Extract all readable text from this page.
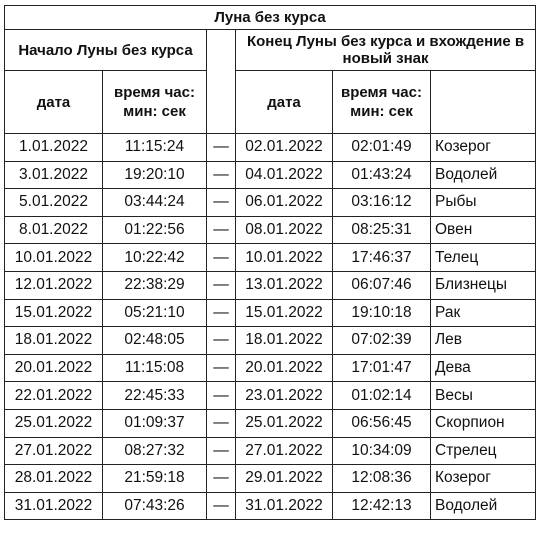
Луна без курса					
Начало Луны без курса			Конец Луны без курса и вхождение в новый знак		
дата	время час: мин: сек		дата	время час: мин: сек	
1.01.2022	11:15:24	—	02.01.2022	02:01:49	Козерог
3.01.2022	19:20:10	—	04.01.2022	01:43:24	Водолей
5.01.2022	03:44:24	—	06.01.2022	03:16:12	Рыбы
8.01.2022	01:22:56	—	08.01.2022	08:25:31	Овен
10.01.2022	10:22:42	—	10.01.2022	17:46:37	Телец
12.01.2022	22:38:29	—	13.01.2022	06:07:46	Близнецы
15.01.2022	05:21:10	—	15.01.2022	19:10:18	Рак
18.01.2022	02:48:05	—	18.01.2022	07:02:39	Лев
20.01.2022	11:15:08	—	20.01.2022	17:01:47	Дева
22.01.2022	22:45:33	—	23.01.2022	01:02:14	Весы
25.01.2022	01:09:37	—	25.01.2022	06:56:45	Скорпион
27.01.2022	08:27:32	—	27.01.2022	10:34:09	Стрелец
28.01.2022	21:59:18	—	29.01.2022	12:08:36	Козерог
31.01.2022	07:43:26	—	31.01.2022	12:42:13	Водолей
